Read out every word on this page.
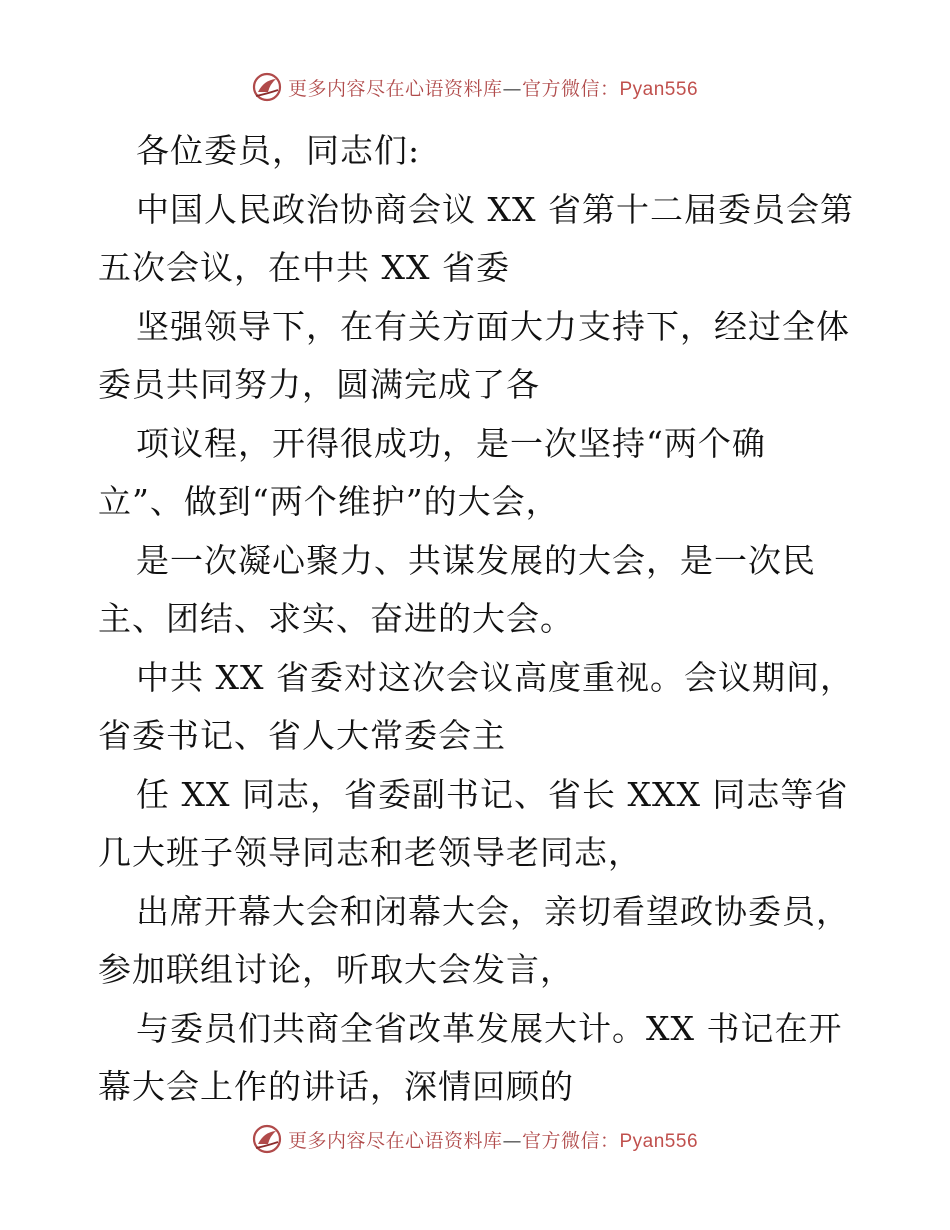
更多内容尽在心语资料库—官方微信：Pyan556
各位委员，同志们:
中国人民政治协商会议 XX 省第十二届委员会第
五次会议，在中共 XX 省委
坚强领导下，在有关方面大力支持下，经过全体
委员共同努力，圆满完成了各
项议程，开得很成功，是一次坚持“两个确
立”、做到“两个维护”的大会，
是一次凝心聚力、共谋发展的大会，是一次民
主、团结、求实、奋进的大会。
中共 XX 省委对这次会议高度重视。会议期间，
省委书记、省人大常委会主
任 XX 同志，省委副书记、省长 XXX 同志等省
几大班子领导同志和老领导老同志，
出席开幕大会和闭幕大会，亲切看望政协委员，
参加联组讨论，听取大会发言，
与委员们共商全省改革发展大计。XX 书记在开
幕大会上作的讲话，深情回顾的
更多内容尽在心语资料库—官方微信：Pyan556
